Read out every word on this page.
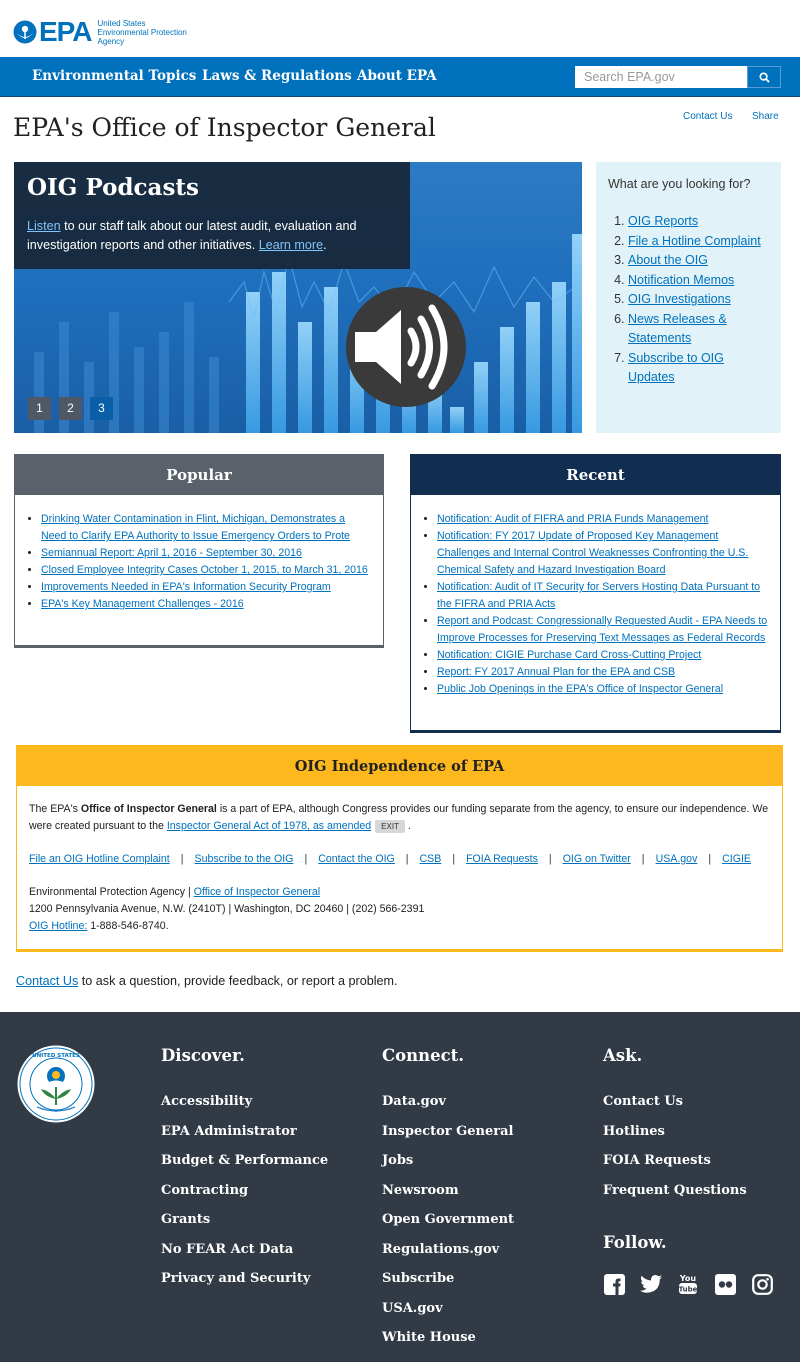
EPA United States
Environmental Protection
Agency
Environmental Topics Laws & Regulations About EPA
Search EPA.gov
EPA's Office of Inspector General	Contact Us Share
OIG Podcasts
Listen to our staff talk about our latest audit, evaluation and investigation reports and other initiatives. Learn more.
1	2	3
What are you looking for?
1. OIG Reports
2. File a Hotline Complaint
3. About the OIG
4. Notification Memos
5. OIG Investigations
6. News Releases & Statements
7. Subscribe to OIG Updates
Popular
• Drinking Water Contamination in Flint, Michigan, Demonstrates a Need to Clarify EPA Authority to Issue Emergency Orders to Prote
• Semiannual Report: April 1, 2016 - September 30, 2016
• Closed Employee Integrity Cases October 1, 2015, to March 31, 2016
• Improvements Needed in EPA's Information Security Program
• EPA's Key Management Challenges - 2016
Recent
• Notification: Audit of FIFRA and PRIA Funds Management
• Notification: FY 2017 Update of Proposed Key Management Challenges and Internal Control Weaknesses Confronting the U.S. Chemical Safety and Hazard Investigation Board
• Notification: Audit of IT Security for Servers Hosting Data Pursuant to the FIFRA and PRIA Acts
• Report and Podcast: Congressionally Requested Audit - EPA Needs to Improve Processes for Preserving Text Messages as Federal Records
• Notification: CIGIE Purchase Card Cross-Cutting Project
• Report: FY 2017 Annual Plan for the EPA and CSB
• Public Job Openings in the EPA's Office of Inspector General
OIG Independence of EPA
The EPA's Office of Inspector General is a part of EPA, although Congress provides our funding separate from the agency, to ensure our independence. We were created pursuant to the Inspector General Act of 1978, as amended EXIT .
File an OIG Hotline Complaint | Subscribe to the OIG | Contact the OIG | CSB | FOIA Requests | OIG on Twitter | USA.gov | CIGIE
Environmental Protection Agency | Office of Inspector General
1200 Pennsylvania Avenue, N.W. (2410T) | Washington, DC 20460 | (202) 566-2391
OIG Hotline: 1-888-546-8740.
Contact Us to ask a question, provide feedback, or report a problem.
UNITED STATES	Discover.
Accessibility
EPA Administrator
Budget & Performance
Contracting
Grants
No FEAR Act Data
Privacy and Security
Connect.
Data.gov
Inspector General
Jobs
Newsroom
Open Government
Regulations.gov
Subscribe
USA.gov
White House
Ask.
Contact Us
Hotlines
FOIA Requests
Frequent Questions
Follow.
You
Tube
